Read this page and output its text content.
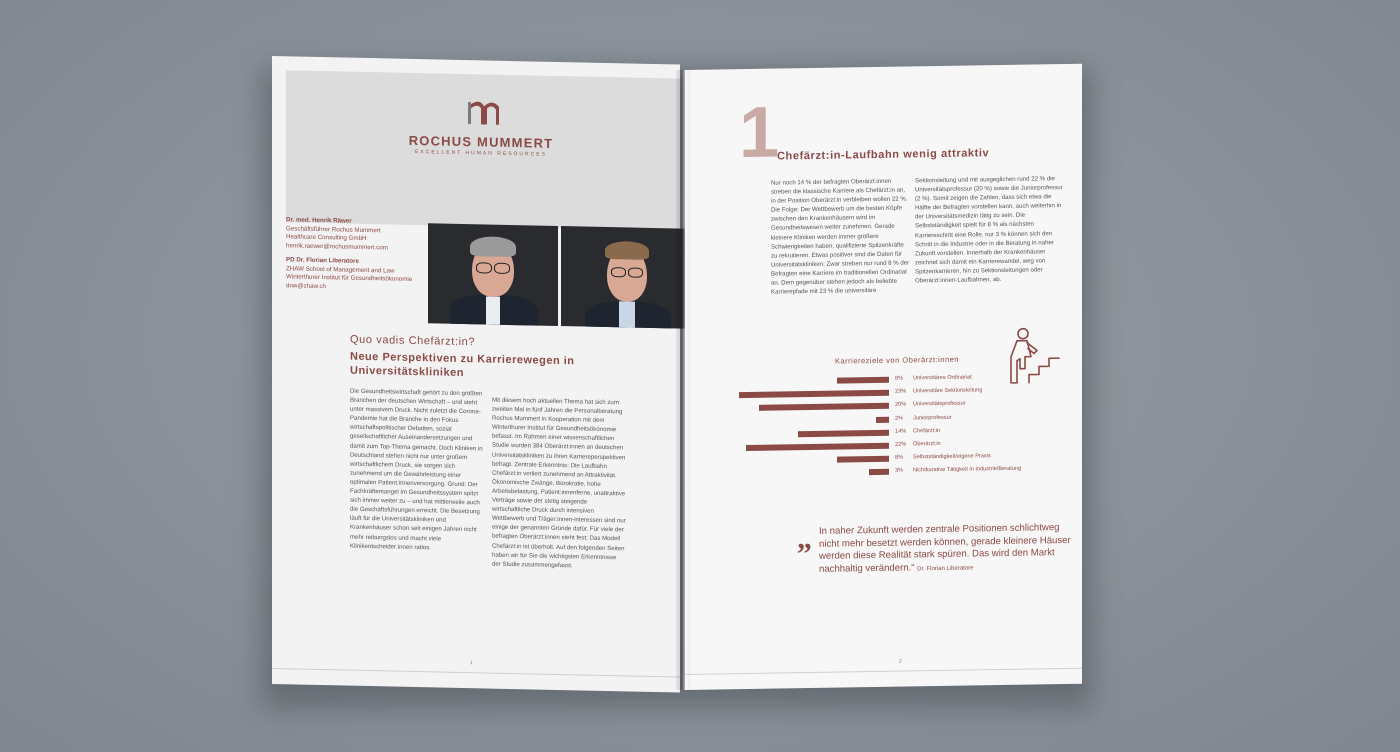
ROCHUS MUMMERT
EXCELLENT HUMAN RESOURCES
Dr. med. Henrik Räwer
Geschäftsführer Rochus Mummert
Healthcare Consulting GmbH
henrik.raewer@rochusmummert.com
PD Dr. Florian Liberatore
ZHAW School of Management and Law
Winterthurer Institut für Gesundheitsökonomie
dnw@zhaw.ch
Quo vadis Chefärzt:in?
Neue Perspektiven zu Karrierewegen in Universitätskliniken
Die Gesundheitswirtschaft gehört zu den größten Branchen der deutschen Wirtschaft – und steht unter massivem Druck. Nicht zuletzt die Corona-Pandemie hat die Branche in den Fokus wirtschaftspolitischer Debatten, sozial gesellschaftlicher Auseinandersetzungen und damit zum Top-Thema gemacht. Doch Kliniken in Deutschland stehen nicht nur unter großem wirtschaftlichem Druck, sie sorgen sich zunehmend um die Gewährleistung einer optimalen Patient:innenversorgung. Grund: Der Fachkräftemangel im Gesundheitssystem spitzt sich immer weiter zu – und hat mittlerweile auch die Geschäftsführungen erreicht. Die Besetzung läuft für die Universitätskliniken und Krankenhäuser schon seit einigen Jahren nicht mehr reibungslos und macht viele Klinikentscheider:innen ratlos.
Mit diesem hoch aktuellen Thema hat sich zum zweiten Mal in fünf Jahren die Personalberatung Rochus Mummert in Kooperation mit dem Winterthurer Institut für Gesundheitsökonomie befasst. Im Rahmen einer wissenschaftlichen Studie wurden 384 Oberärzt:innen an deutschen Universitätskliniken zu ihren Karriereperspektiven befragt. Zentrale Erkenntnis: Die Laufbahn Chefärzt:in verliert zunehmend an Attraktivität. Ökonomische Zwänge, Bürokratie, hohe Arbeitsbelastung, Patient:innenferne, unattraktive Verträge sowie der stetig steigende wirtschaftliche Druck durch intensiven Wettbewerb und Träger:innen-interessen sind nur einige der genannten Gründe dafür. Für viele der befragten Oberärzt:innen steht fest: Das Modell Chefärzt:in ist überholt. Auf den folgenden Seiten haben wir für Sie die wichtigsten Erkenntnisse der Studie zusammengefasst.
1
1
Chefärzt:in-Laufbahn wenig attraktiv
Nur noch 14 % der befragten Oberärzt:innen streben die klassische Karriere als Chefärzt:in an, in der Position Oberärzt:in verbleiben wollen 22 %. Die Folge: Der Wettbewerb um die besten Köpfe zwischen den Krankenhäusern wird im Gesundheitswesen weiter zunehmen. Gerade kleinere Kliniken werden immer größere Schwierigkeiten haben, qualifizierte Spitzenkräfte zu rekrutieren. Etwas positiver sind die Daten für Universitätskliniken: Zwar streben nur rund 8 % der Befragten eine Karriere im traditionellen Ordinariat an. Dem gegenüber stehen jedoch als beliebte Karrierepfade mit 23 % die universitäre
Sektionsleitung und mit ausgeglichen rund 22 % die Universitätsprofessur (20 %) sowie die Juniorprofessur (2 %). Somit zeigen die Zahlen, dass sich etwa die Hälfte der Befragten vorstellen kann, auch weiterhin in der Universitätsmedizin tätig zu sein. Die Selbstständigkeit spielt für 8 % als nächsten Karriereschritt eine Rolle, nur 3 % können sich den Schritt in die Industrie oder in die Beratung in naher Zukunft vorstellen. Innerhalb der Krankenhäuser zeichnet sich damit ein Karrierewandel, weg von Spitzenkarrieren, hin zu Sektionsleitungen oder Oberärzt:innen-Laufbahnen, ab.
Karriereziele von Oberärzt:innen
8% Universitäres Ordinariat
23% Universitäre Sektionsleitung
20% Universitätsprofessur
2% Juniorprofessur
14% Chefärzt:in
22% Oberärzt:in
8% Selbstständigkeit/eigene Praxis
3% Nichtkurative Tätigkeit in Industrie/Beratung
„ In naher Zukunft werden zentrale Positionen schlichtweg nicht mehr besetzt werden können, gerade kleinere Häuser werden diese Realität stark spüren. Das wird den Markt nachhaltig verändern.“ Dr. Florian Liberatore
2
